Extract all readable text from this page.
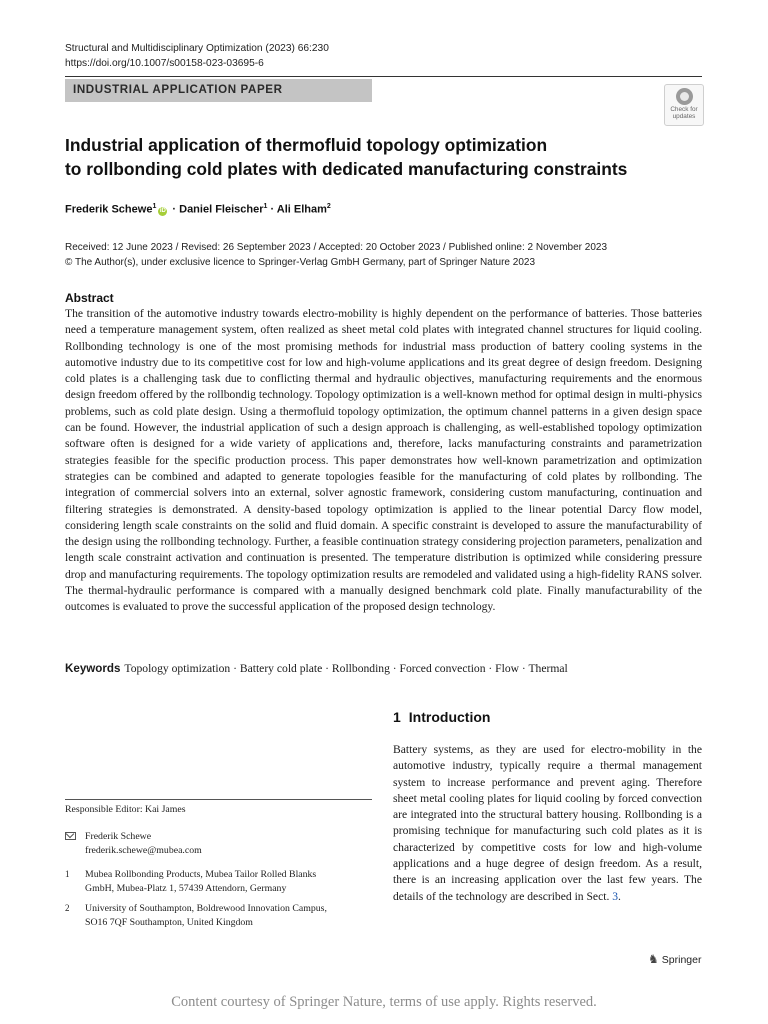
Structural and Multidisciplinary Optimization (2023) 66:230
https://doi.org/10.1007/s00158-023-03695-6
INDUSTRIAL APPLICATION PAPER
Check for
updates
Industrial application of thermofluid topology optimization
to rollbonding cold plates with dedicated manufacturing constraints
Frederik Schewe$^1$iD · Daniel Fleischer$^1$ · Ali Elham$^2$
Received: 12 June 2023 / Revised: 26 September 2023 / Accepted: 20 October 2023 / Published online: 2 November 2023
© The Author(s), under exclusive licence to Springer-Verlag GmbH Germany, part of Springer Nature 2023
Abstract

The transition of the automotive industry towards electro-mobility is highly dependent on the performance of batteries. Those batteries need a temperature management system, often realized as sheet metal cold plates with integrated channel structures for liquid cooling. Rollbonding technology is one of the most promising methods for industrial mass production of battery cooling systems in the automotive industry due to its competitive cost for low and high-volume applications and its great degree of design freedom. Designing cold plates is a challenging task due to conflicting thermal and hydraulic objectives, manufacturing requirements and the enormous design freedom offered by the rollbondig technology. Topology optimization is a well-known method for optimal design in multi-physics problems, such as cold plate design. Using a thermofluid topology optimization, the optimum channel patterns in a given design space can be found. However, the industrial application of such a design approach is challenging, as well-established topology optimization software often is designed for a wide variety of applications and, therefore, lacks manufacturing constraints and parametrization strategies feasible for the specific production process. This paper demonstrates how well-known parametrization and optimization strategies can be combined and adapted to generate topologies feasible for the manufacturing of cold plates by rollbonding. The integration of commercial solvers into an external, solver agnostic framework, considering custom manufacturing, continuation and filtering strategies is demonstrated. A density-based topology optimization is applied to the linear potential Darcy flow model, considering length scale constraints on the solid and fluid domain. A specific constraint is developed to assure the manufacturability of the design using the rollbonding technology. Further, a feasible continuation strategy considering projection parameters, penalization and length scale constraint activation and continuation is presented. The temperature distribution is optimized while considering pressure drop and manufacturing requirements. The topology optimization results are remodeled and validated using a high-fidelity RANS solver. The thermal-hydraulic performance is compared with a manually designed benchmark cold plate. Finally manufacturability of the outcomes is evaluated to prove the successful application of the proposed design technology.

Keywords Topology optimization · Battery cold plate · Rollbonding · Forced convection · Flow · Thermal
Responsible Editor: Kai James
Frederik Schewe
frederik.schewe@mubea.com
1 Mubea Rollbonding Products, Mubea Tailor Rolled Blanks
GmbH, Mubea-Platz 1, 57439 Attendorn, Germany
2 University of Southampton, Boldrewood Innovation Campus,
SO16 7QF Southampton, United Kingdom
1 Introduction

Battery systems, as they are used for electro-mobility in the automotive industry, typically require a thermal management system to increase performance and prevent aging. Therefore sheet metal cooling plates for liquid cooling by forced convection are integrated into the structural battery housing. Rollbonding is a promising technique for manufacturing such cold plates as it is characterized by competitive costs for low and high-volume applications and a huge degree of design freedom. As a result, there is an increasing application over the last few years. The details of the technology are described in Sect. 3.

♞ Springer
Content courtesy of Springer Nature, terms of use apply. Rights reserved.
